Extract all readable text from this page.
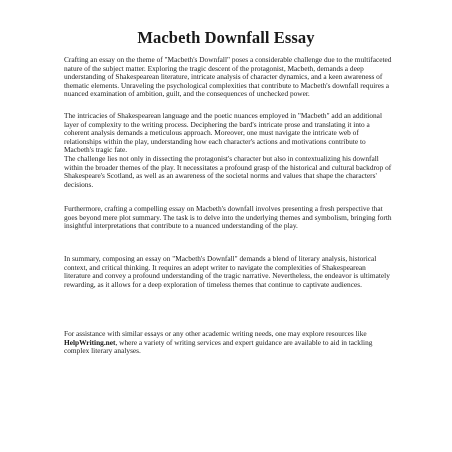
Macbeth Downfall Essay

Crafting an essay on the theme of "Macbeth's Downfall" poses a considerable challenge due to the multifaceted nature of the subject matter. Exploring the tragic descent of the protagonist, Macbeth, demands a deep understanding of Shakespearean literature, intricate analysis of character dynamics, and a keen awareness of thematic elements. Unraveling the psychological complexities that contribute to Macbeth's downfall requires a nuanced examination of ambition, guilt, and the consequences of unchecked power.

The intricacies of Shakespearean language and the poetic nuances employed in "Macbeth" add an additional layer of complexity to the writing process. Deciphering the bard's intricate prose and translating it into a coherent analysis demands a meticulous approach. Moreover, one must navigate the intricate web of relationships within the play, understanding how each character's actions and motivations contribute to Macbeth's tragic fate.

The challenge lies not only in dissecting the protagonist's character but also in contextualizing his downfall within the broader themes of the play. It necessitates a profound grasp of the historical and cultural backdrop of Shakespeare's Scotland, as well as an awareness of the societal norms and values that shape the characters' decisions.

Furthermore, crafting a compelling essay on Macbeth's downfall involves presenting a fresh perspective that goes beyond mere plot summary. The task is to delve into the underlying themes and symbolism, bringing forth insightful interpretations that contribute to a nuanced understanding of the play.

In summary, composing an essay on "Macbeth's Downfall" demands a blend of literary analysis, historical context, and critical thinking. It requires an adept writer to navigate the complexities of Shakespearean literature and convey a profound understanding of the tragic narrative. Nevertheless, the endeavor is ultimately rewarding, as it allows for a deep exploration of timeless themes that continue to captivate audiences.

For assistance with similar essays or any other academic writing needs, one may explore resources like HelpWriting.net, where a variety of writing services and expert guidance are available to aid in tackling complex literary analyses.
